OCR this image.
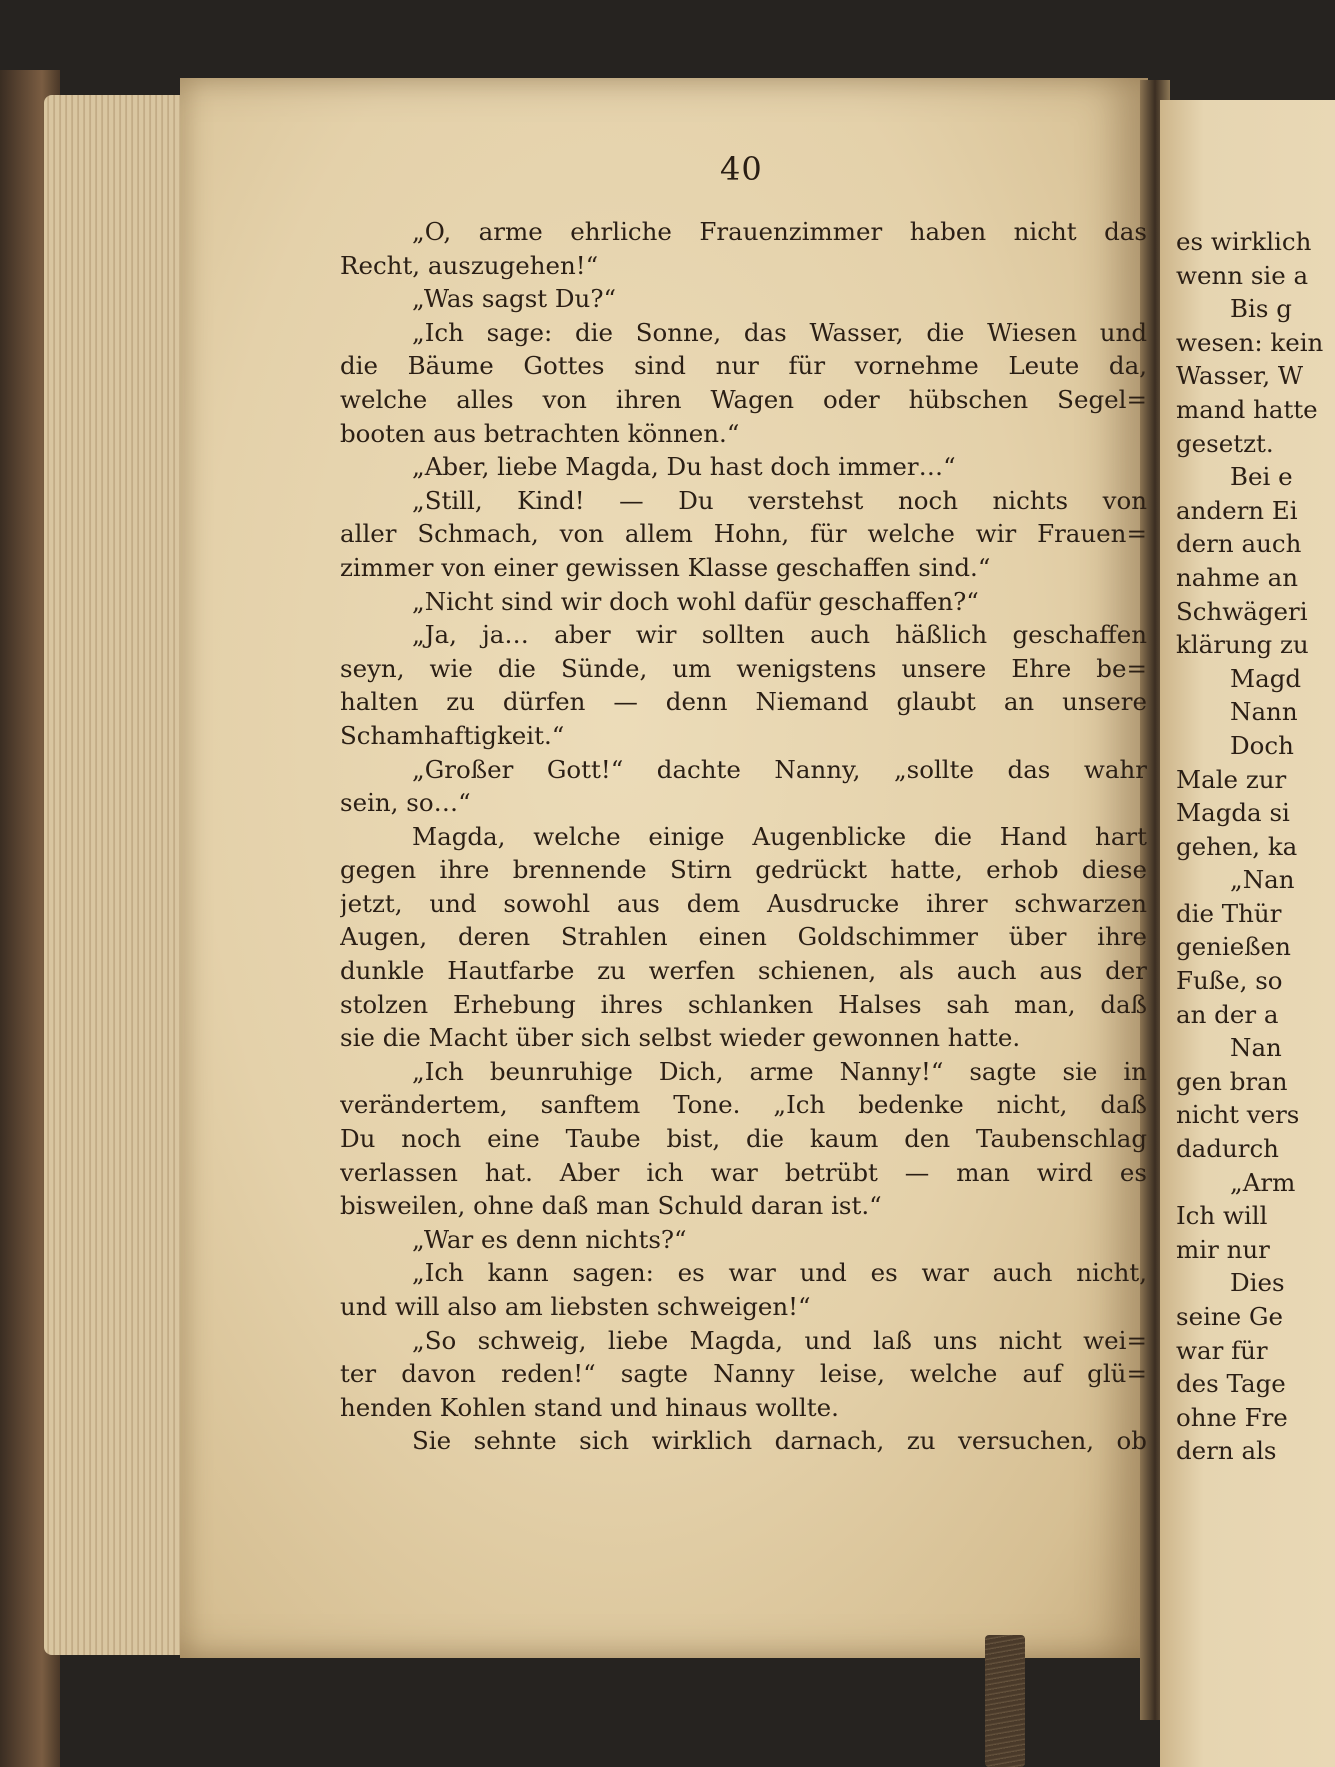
40
„O, arme ehrliche Frauenzimmer haben nicht das
Recht, auszugehen!“
„Was sagst Du?“
„Ich sage: die Sonne, das Wasser, die Wiesen und
die Bäume Gottes sind nur für vornehme Leute da,
welche alles von ihren Wagen oder hübschen Segel=
booten aus betrachten können.“
„Aber, liebe Magda, Du hast doch immer…“
„Still, Kind! — Du verstehst noch nichts von
aller Schmach, von allem Hohn, für welche wir Frauen=
zimmer von einer gewissen Klasse geschaffen sind.“
„Nicht sind wir doch wohl dafür geschaffen?“
„Ja, ja… aber wir sollten auch häßlich geschaffen
seyn, wie die Sünde, um wenigstens unsere Ehre be=
halten zu dürfen — denn Niemand glaubt an unsere
Schamhaftigkeit.“
„Großer Gott!“ dachte Nanny, „sollte das wahr
sein, so…“
Magda, welche einige Augenblicke die Hand hart
gegen ihre brennende Stirn gedrückt hatte, erhob diese
jetzt, und sowohl aus dem Ausdrucke ihrer schwarzen
Augen, deren Strahlen einen Goldschimmer über ihre
dunkle Hautfarbe zu werfen schienen, als auch aus der
stolzen Erhebung ihres schlanken Halses sah man, daß
sie die Macht über sich selbst wieder gewonnen hatte.
„Ich beunruhige Dich, arme Nanny!“ sagte sie in
verändertem, sanftem Tone. „Ich bedenke nicht, daß
Du noch eine Taube bist, die kaum den Taubenschlag
verlassen hat. Aber ich war betrübt — man wird es
bisweilen, ohne daß man Schuld daran ist.“
„War es denn nichts?“
„Ich kann sagen: es war und es war auch nicht,
und will also am liebsten schweigen!“
„So schweig, liebe Magda, und laß uns nicht wei=
ter davon reden!“ sagte Nanny leise, welche auf glü=
henden Kohlen stand und hinaus wollte.
Sie sehnte sich wirklich darnach, zu versuchen, ob
es wirklich
wenn sie a
Bis g
wesen: kein
Wasser, W
mand hatte
gesetzt.
Bei e
andern Ei
dern auch
nahme an
Schwägeri
klärung zu
Magd
Nann
Doch
Male zur
Magda si
gehen, ka
„Nan
die Thür
genießen
Fuße, so
an der a
Nan
gen bran
nicht vers
dadurch
„Arm
Ich will
mir nur
Dies
seine Ge
war für
des Tage
ohne Fre
dern als
